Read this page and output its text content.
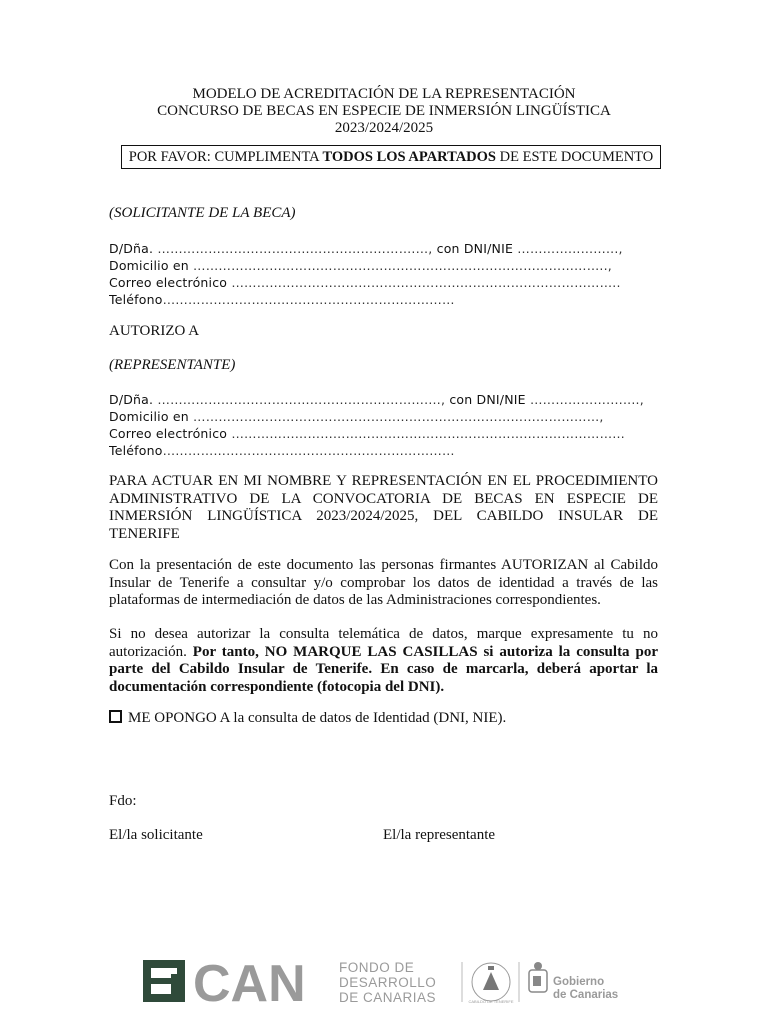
MODELO DE ACREDITACIÓN DE LA REPRESENTACIÓN
CONCURSO DE BECAS EN ESPECIE DE INMERSIÓN LINGÜÍSTICA
2023/2024/2025
POR FAVOR: CUMPLIMENTA TODOS LOS APARTADOS DE ESTE DOCUMENTO
(SOLICITANTE DE LA BECA)
D/Dña. …………………………………………………….…, con DNI/NIE …………...……...,
Domicilio en ……………………………………………………………………………………..,
Correo electrónico ………………………………………………………………………………..
Teléfono……………………………………………………………
AUTORIZO A
(REPRESENTANTE)
D/Dña. ……………………………………………………….…, con DNI/NIE ……………….…....,
Domicilio en ……………………………………………………………………………………,
Correo electrónico …………………………………………………………………………………
Teléfono……………………………………………………………
PARA ACTUAR EN MI NOMBRE Y REPRESENTACIÓN EN EL PROCEDIMIENTO ADMINISTRATIVO DE LA CONVOCATORIA DE BECAS EN ESPECIE DE INMERSIÓN LINGÜÍSTICA 2023/2024/2025, DEL CABILDO INSULAR DE TENERIFE
Con la presentación de este documento las personas firmantes AUTORIZAN al Cabildo Insular de Tenerife a consultar y/o comprobar los datos de identidad a través de las plataformas de intermediación de datos de las Administraciones correspondientes.
Si no desea autorizar la consulta telemática de datos, marque expresamente tu no autorización. Por tanto, NO MARQUE LAS CASILLAS si autoriza la consulta por parte del Cabildo Insular de Tenerife. En caso de marcarla, deberá aportar la documentación correspondiente (fotocopia del DNI).
ME OPONGO A la consulta de datos de Identidad (DNI, NIE).
Fdo:
El/la solicitante	El/la representante
CAN FONDO DE
DESARROLLO
DE CANARIAS	CABILDO DE TENERIFE
Gobierno
de Canarias
